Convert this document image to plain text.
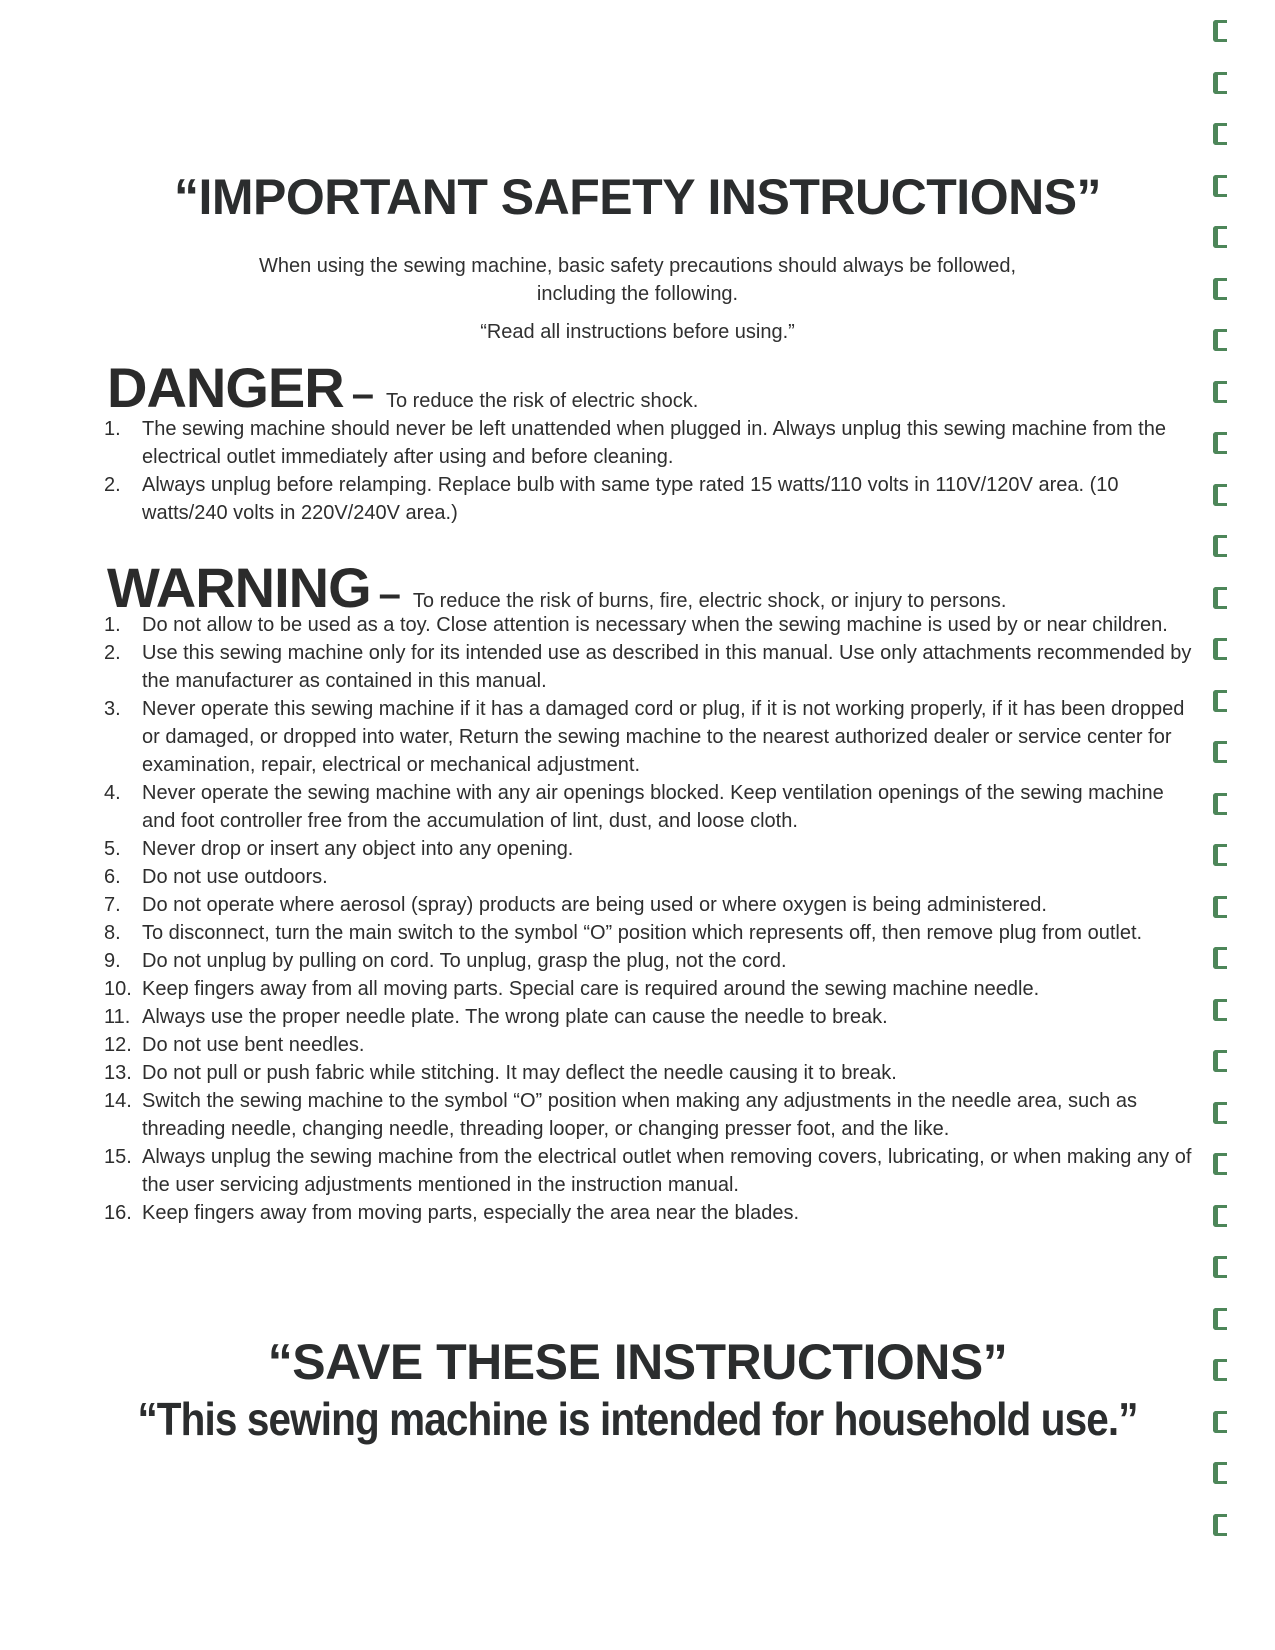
“IMPORTANT SAFETY INSTRUCTIONS”
When using the sewing machine, basic safety precautions should always be followed,
including the following.
“Read all instructions before using.”
DANGER – To reduce the risk of electric shock.
1.	The sewing machine should never be left unattended when plugged in. Always unplug this sewing machine from the electrical outlet immediately after using and before cleaning.
2.	Always unplug before relamping. Replace bulb with same type rated 15 watts/110 volts in 110V/120V area. (10 watts/240 volts in 220V/240V area.)
WARNING – To reduce the risk of burns, fire, electric shock, or injury to persons.
1.	Do not allow to be used as a toy. Close attention is necessary when the sewing machine is used by or near children.
2.	Use this sewing machine only for its intended use as described in this manual. Use only attachments recommended by the manufacturer as contained in this manual.
3.	Never operate this sewing machine if it has a damaged cord or plug, if it is not working properly, if it has been dropped or damaged, or dropped into water, Return the sewing machine to the nearest authorized dealer or service center for examination, repair, electrical or mechanical adjustment.
4.	Never operate the sewing machine with any air openings blocked. Keep ventilation openings of the sewing machine and foot controller free from the accumulation of lint, dust, and loose cloth.
5.	Never drop or insert any object into any opening.
6.	Do not use outdoors.
7.	Do not operate where aerosol (spray) products are being used or where oxygen is being administered.
8.	To disconnect, turn the main switch to the symbol “O” position which represents off, then remove plug from outlet.
9.	Do not unplug by pulling on cord. To unplug, grasp the plug, not the cord.
10. Keep fingers away from all moving parts. Special care is required around the sewing machine needle.
11. Always use the proper needle plate. The wrong plate can cause the needle to break.
12. Do not use bent needles.
13. Do not pull or push fabric while stitching. It may deflect the needle causing it to break.
14. Switch the sewing machine to the symbol “O” position when making any adjustments in the needle area, such as threading needle, changing needle, threading looper, or changing presser foot, and the like.
15. Always unplug the sewing machine from the electrical outlet when removing covers, lubricating, or when making any of the user servicing adjustments mentioned in the instruction manual.
16. Keep fingers away from moving parts, especially the area near the blades.
“SAVE THESE INSTRUCTIONS”
“This sewing machine is intended for household use.”
